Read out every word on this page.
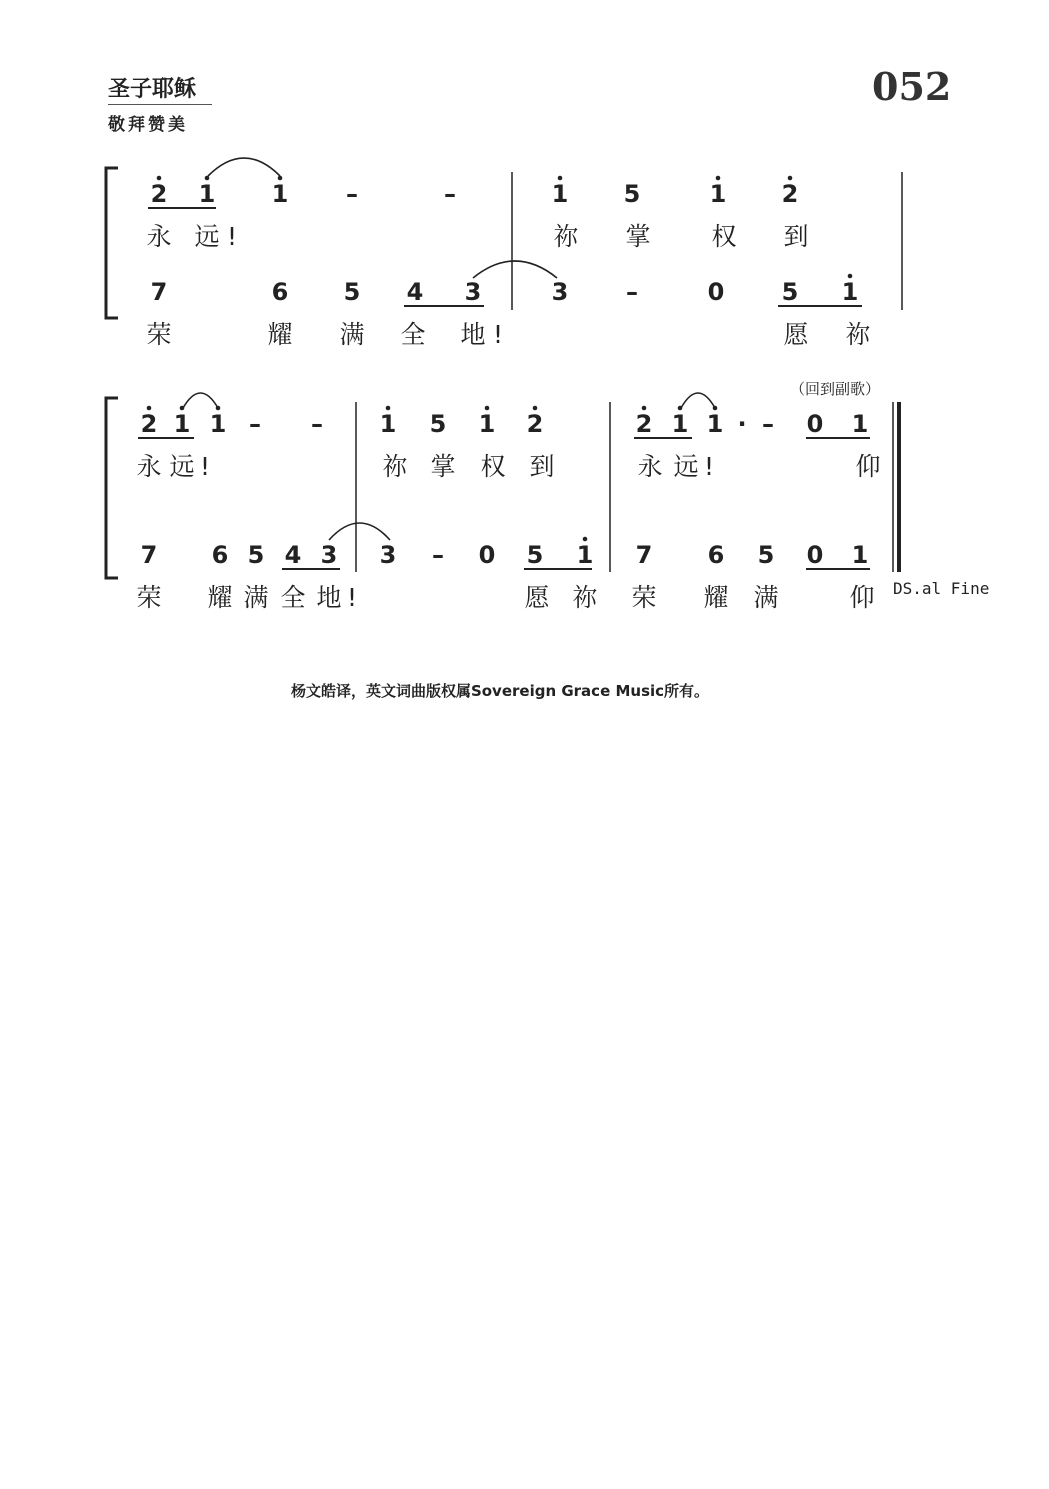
圣子耶稣
敬拜赞美
052
（回到副歌）
DS.al Fine
2 1 1 –	–	1 5	1 2
永 远 !	祢 掌 权 到
7	6 5 4 3	3 –	0 5 1
荣	耀 满 全 地 !	愿 祢
2 1 1 – – 1 5 1 2	2 1 1 · – 0 1
永 远 !	祢 掌 权 到	永 远 !	仰
7 6 5 4 3 3 – 0 5 1 7 6 5 0 1
荣 耀 满 全 地 !	愿 祢 荣 耀 满	仰
杨文皓译，英文词曲版权属Sovereign Grace Music所有。
